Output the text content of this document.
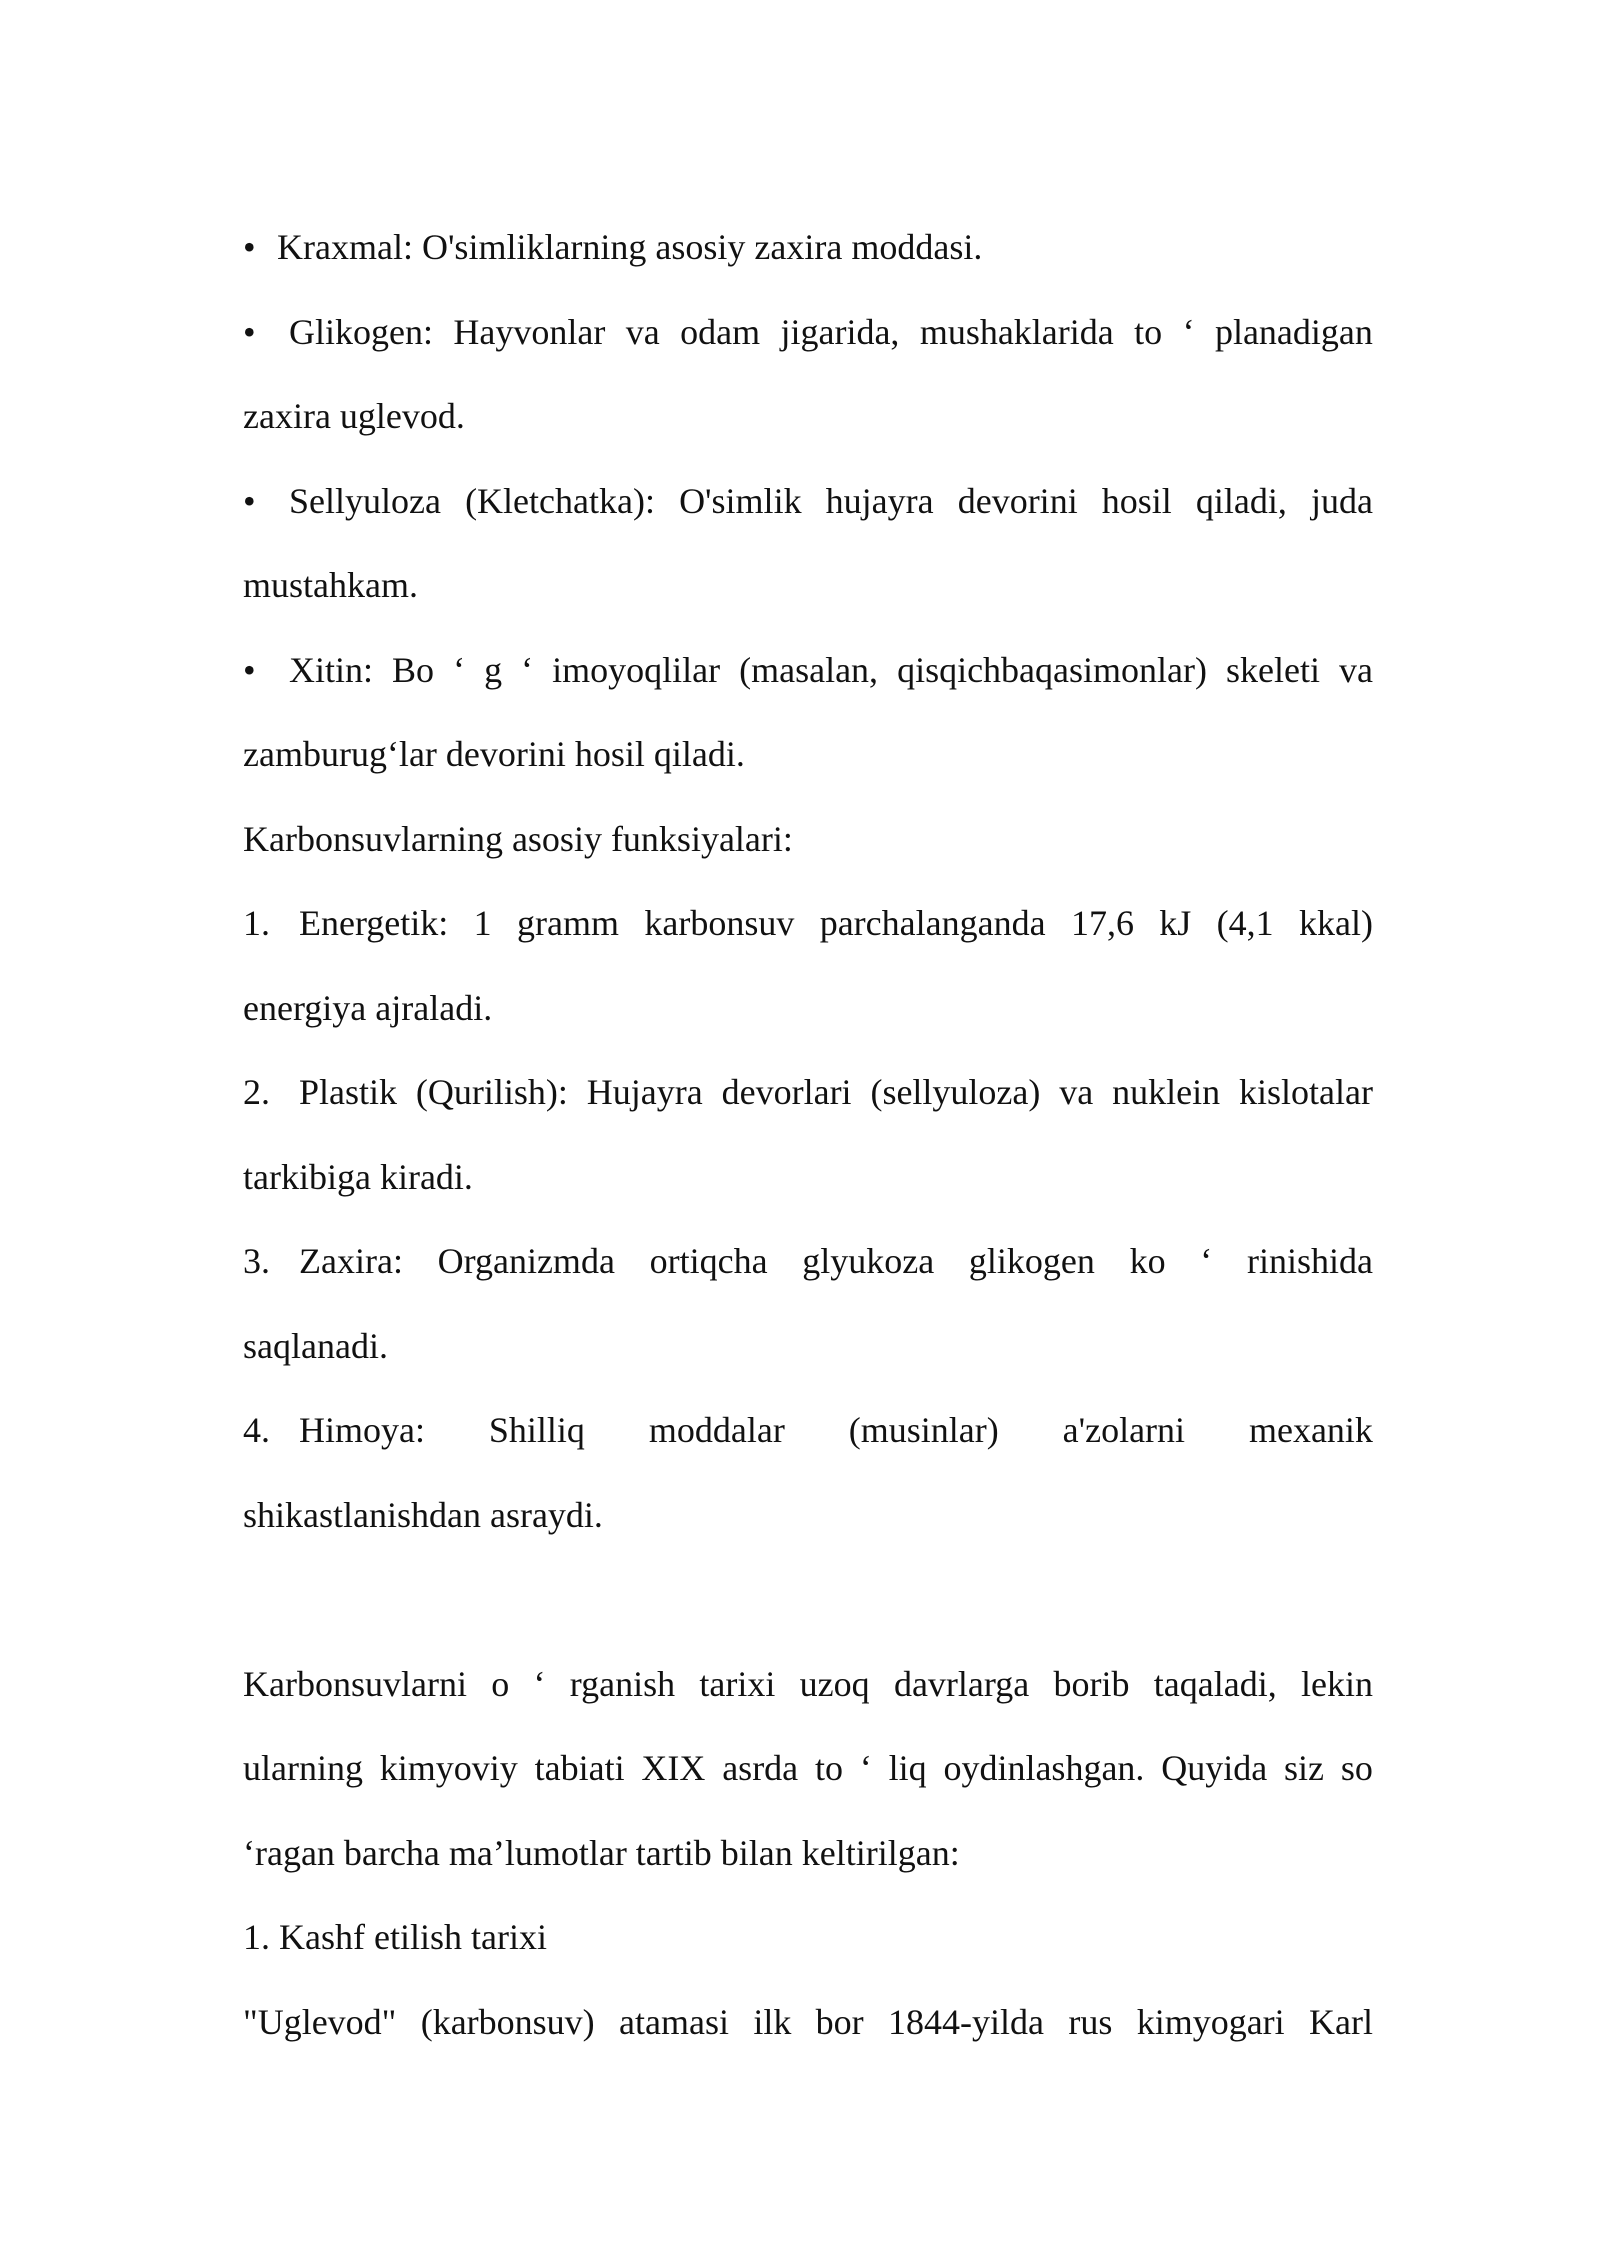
• Kraxmal: O'simliklarning asosiy zaxira moddasi.
• Glikogen: Hayvonlar va odam jigarida, mushaklarida to ‘ planadigan
zaxira uglevod.
• Sellyuloza (Kletchatka): O'simlik hujayra devorini hosil qiladi, juda
mustahkam.
• Xitin: Bo ‘ g ‘ imoyoqlilar (masalan, qisqichbaqasimonlar) skeleti va
zamburug‘lar devorini hosil qiladi.
Karbonsuvlarning asosiy funksiyalari:
1. Energetik: 1 gramm karbonsuv parchalanganda 17,6 kJ (4,1 kkal)
energiya ajraladi.
2. Plastik (Qurilish): Hujayra devorlari (sellyuloza) va nuklein kislotalar
tarkibiga kiradi.
3. Zaxira: Organizmda ortiqcha glyukoza glikogen ko ‘ rinishida
saqlanadi.
4. Himoya: Shilliq moddalar (musinlar) a'zolarni mexanik
shikastlanishdan asraydi.
Karbonsuvlarni o ‘ rganish tarixi uzoq davrlarga borib taqaladi, lekin
ularning kimyoviy tabiati XIX asrda to ‘ liq oydinlashgan. Quyida siz so
‘ragan barcha ma’lumotlar tartib bilan keltirilgan:
1. Kashf etilish tarixi
"Uglevod" (karbonsuv) atamasi ilk bor 1844-yilda rus kimyogari Karl
